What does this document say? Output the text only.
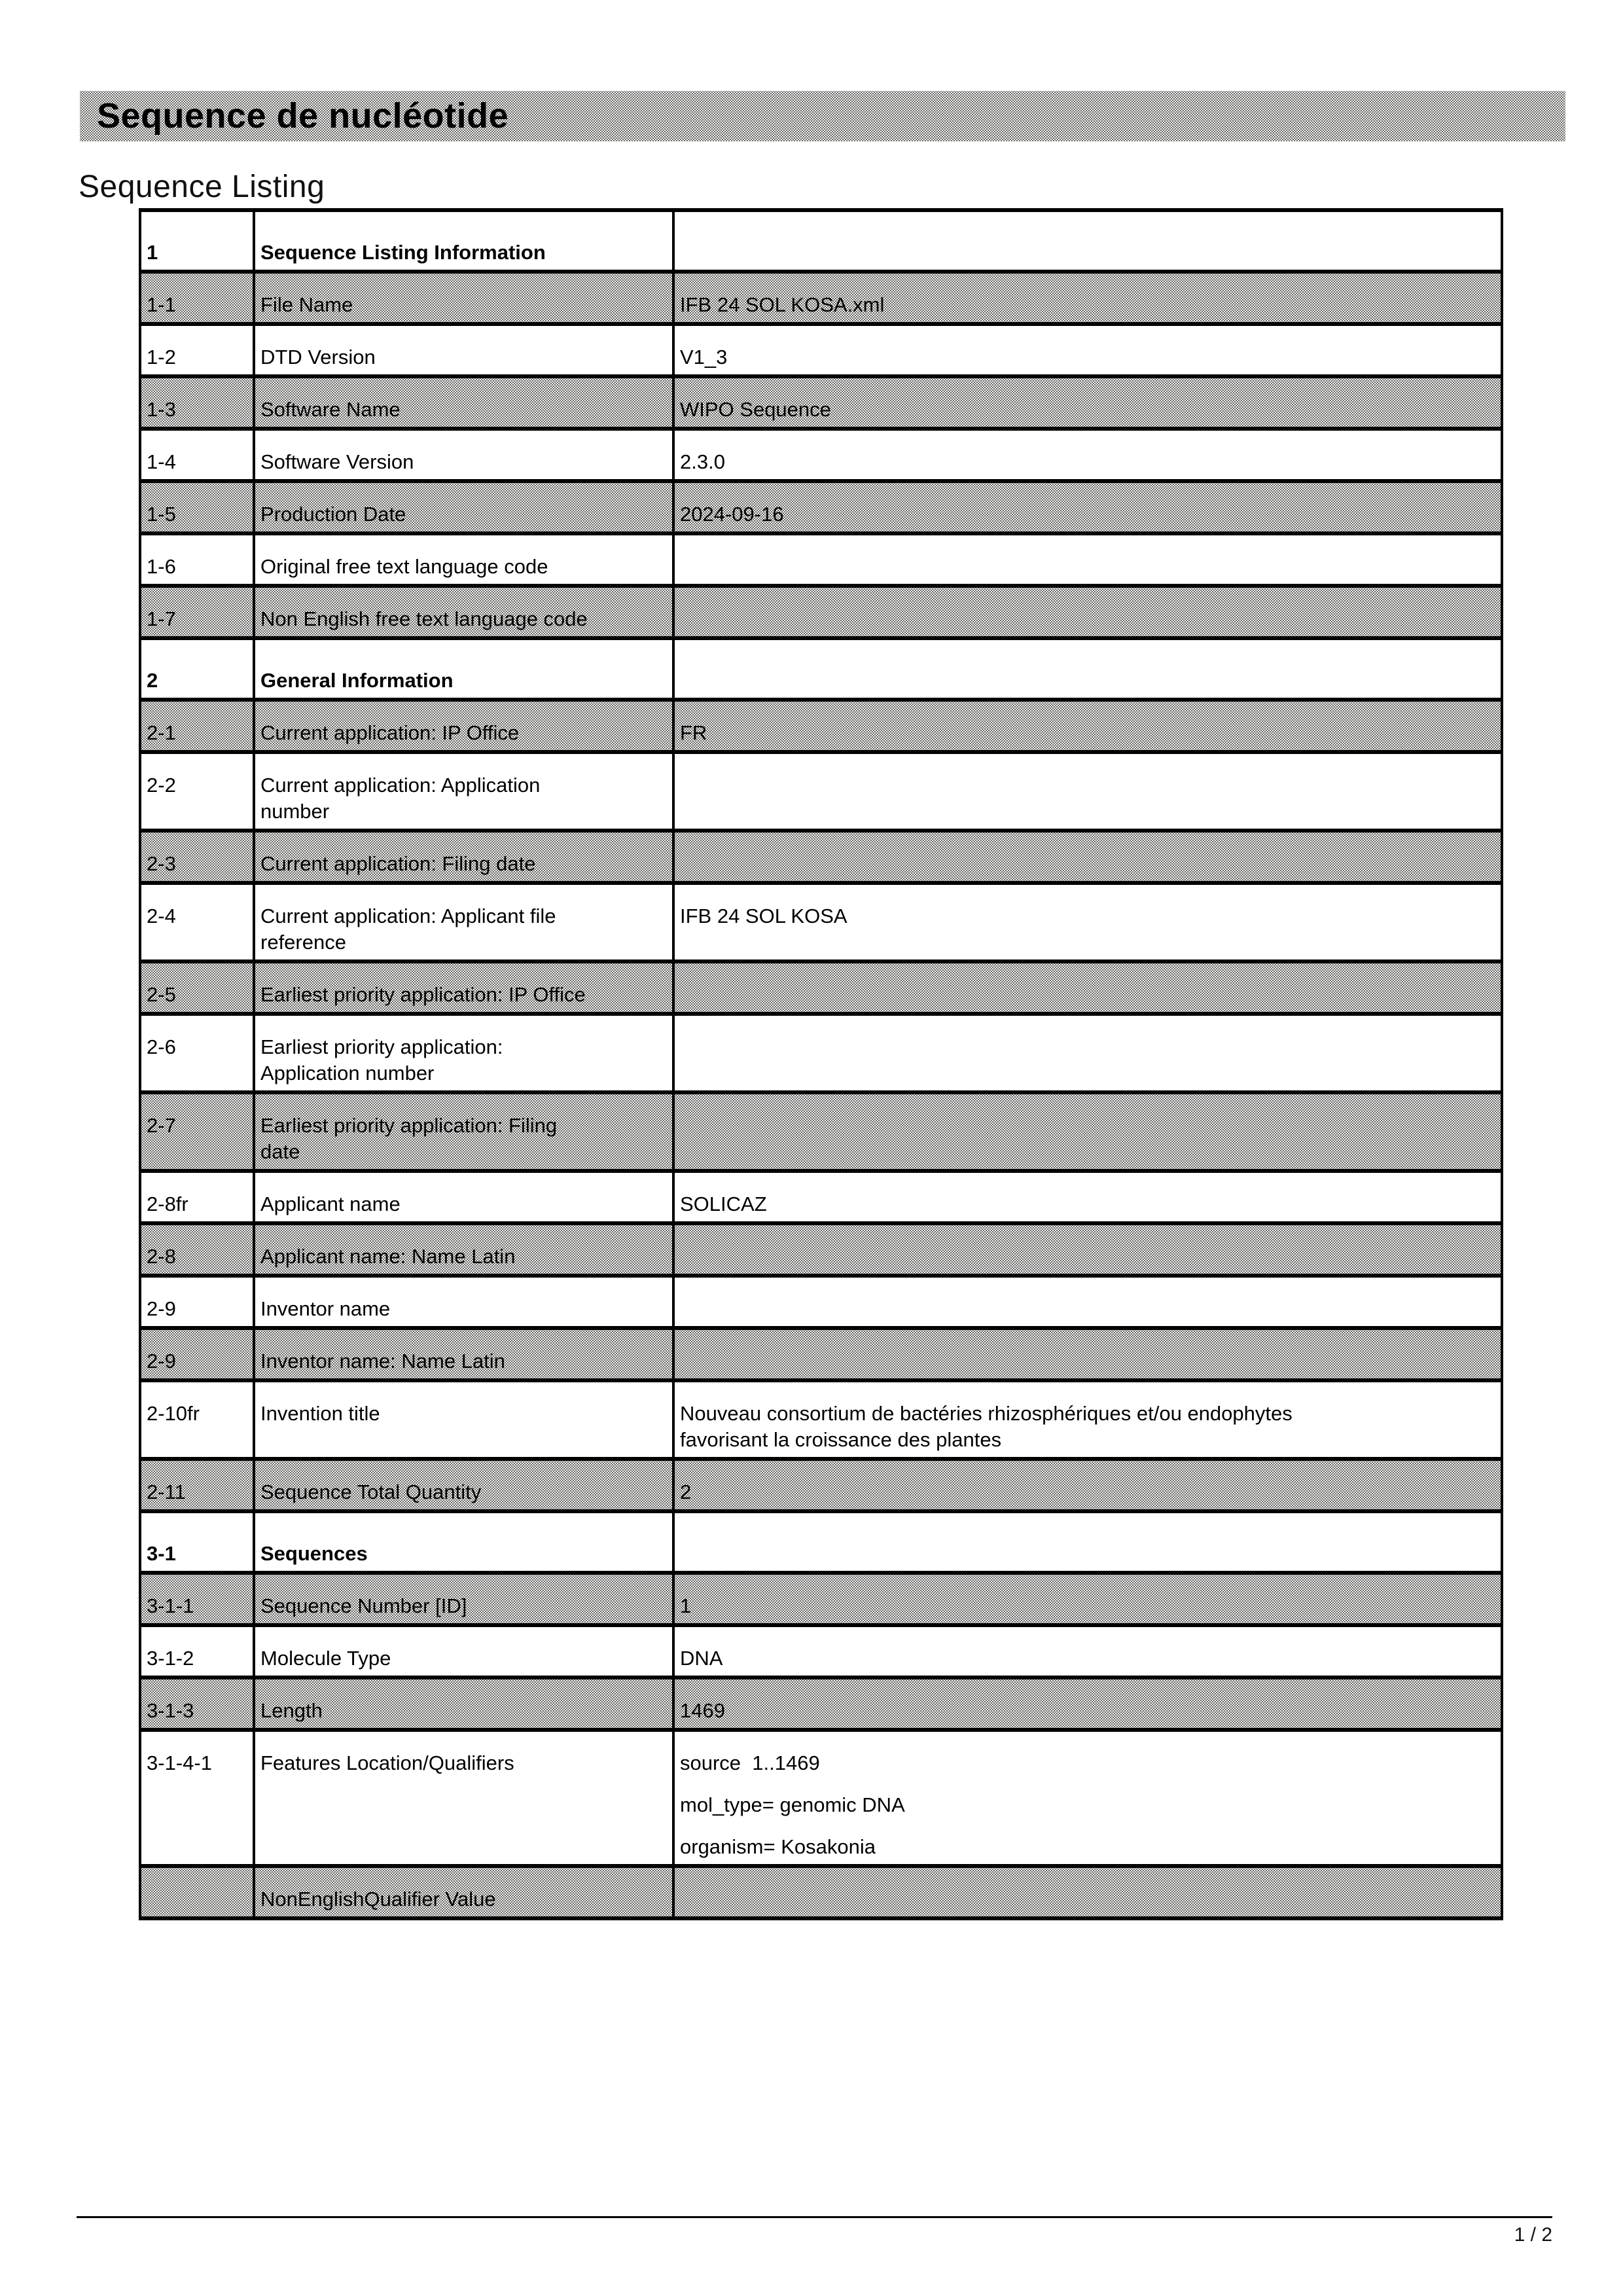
Sequence de nucléotide
Sequence Listing
1	Sequence Listing Information	
1-1	File Name	IFB 24 SOL KOSA.xml

1-2	DTD Version	V1_3

1-3	Software Name	WIPO Sequence

1-4	Software Version	2.3.0

1-5	Production Date	2024-09-16

1-6	Original free text language code	
1-7	Non English free text language code	
2	General Information	
2-1	Current application: IP Office	FR

2-2	Current application: Application
number	
2-3	Current application: Filing date	
2-4	Current application: Applicant file
reference	IFB 24 SOL KOSA

2-5	Earliest priority application: IP Office	
2-6	Earliest priority application:
Application number	
2-7	Earliest priority application: Filing
date	
2-8fr	Applicant name	SOLICAZ

2-8	Applicant name: Name Latin	
2-9	Inventor name	
2-9	Inventor name: Name Latin	
2-10fr	Invention title	Nouveau consortium de bactéries rhizosphériques et/ou endophytes
favorisant la croissance des plantes

2-11	Sequence Total Quantity	2

3-1	Sequences	
3-1-1	Sequence Number [ID]	1

3-1-2	Molecule Type	DNA

3-1-3	Length	1469

3-1-4-1	Features Location/Qualifiers	source  1..1469
mol_type= genomic DNA
organism= Kosakonia

	NonEnglishQualifier Value	
1 / 2
